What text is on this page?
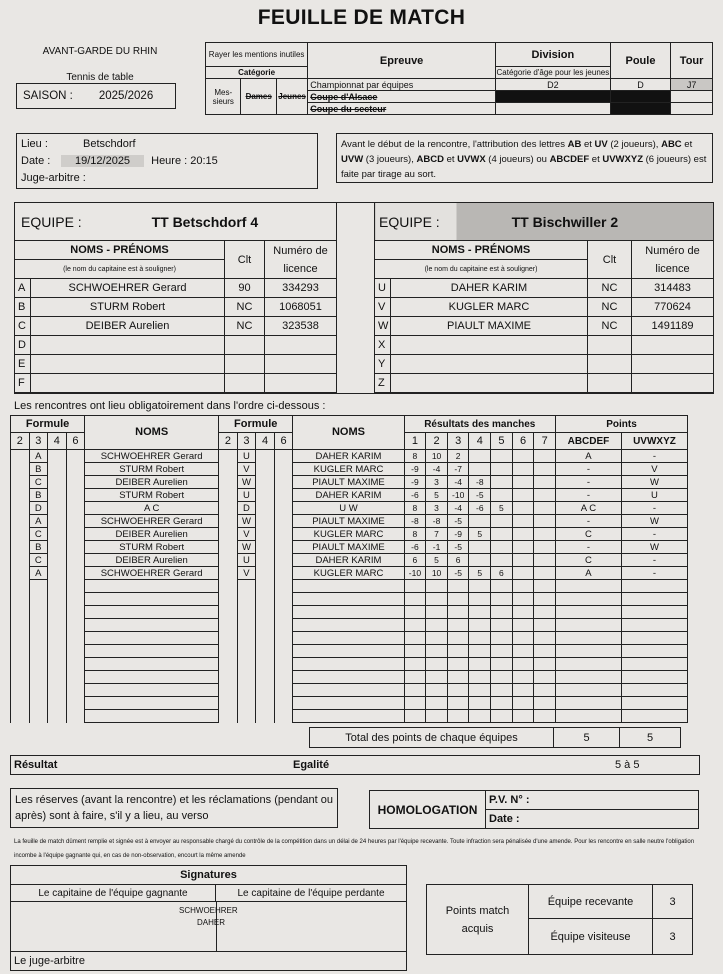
FEUILLE DE MATCH
AVANT-GARDE DU RHIN
Tennis de table
SAISON : 2025/2026
Rayer les mentions inutiles			Epreuve	Division	Poule	Tour
Catégorie				Catégorie d'âge pour les jeunes		
Mes-sieurs	Dames	Jeunes	Championnat par équipes	D2	D	J7
			Coupe d'Alsace			
			Coupe du secteur			
Lieu :	Betschdorf
Date : 19/12/2025 Heure : 20:15
Juge-arbitre :
Avant le début de la rencontre, l'attribution des lettres AB et UV (2 joueurs), ABC et UVW (3 joueurs), ABCD et UVWX (4 joueurs) ou ABCDEF et UVWXYZ (6 joueurs) est faite par tirage au sort.
EQUIPE : TT Betschdorf 4			
NOMS - PRÉNOMS		Clt	Numéro de licence
(le nom du capitaine est à souligner)			
A	SCHWOEHRER Gerard	90	334293
B	STURM Robert	NC	1068051
C	DEIBER Aurelien	NC	323538
D			
E			
F			
EQUIPE : TT Bischwiller 2			
NOMS - PRÉNOMS		Clt	Numéro de licence
(le nom du capitaine est à souligner)			
U	DAHER KARIM	NC	314483
V	KUGLER MARC	NC	770624
W	PIAULT MAXIME	NC	1491189
X			
Y			
Z			
Les rencontres ont lieu obligatoirement dans l'ordre ci-dessous :
Formule				NOMS	Formule				NOMS	Résultats des manches							Points	
2	3	4	6		2	3	4	6		1	2	3	4	5	6	7	ABCDEF	UVWXYZ
	A			SCHWOEHRER Gerard		U			DAHER KARIM	8	10	2					A	-
	B			STURM Robert		V			KUGLER MARC	-9	-4	-7					-	V
	C			DEIBER Aurelien		W			PIAULT MAXIME	-9	3	-4	-8				-	W
	B			STURM Robert		U			DAHER KARIM	-6	5	-10	-5				-	U
	D			A C		D			U W	8	3	-4	-6	5			A C	-
	A			SCHWOEHRER Gerard		W			PIAULT MAXIME	-8	-8	-5					-	W
	C			DEIBER Aurelien		V			KUGLER MARC	8	7	-9	5				C	-
	B			STURM Robert		W			PIAULT MAXIME	-6	-1	-5					-	W
	C			DEIBER Aurelien		U			DAHER KARIM	6	5	6					C	-
	A			SCHWOEHRER Gerard		V			KUGLER MARC	-10	10	-5	5	6			A	-

Total des points de chaque équipes	5	5
Résultat	Egalité	5 à 5
Les réserves (avant la rencontre) et les réclamations (pendant ou après) sont à faire, s'il y a lieu, au verso	HOMOLOGATION	P.V. N° :
Date :
La feuille de match dûment remplie et signée est à envoyer au responsable chargé du contrôle de la compétition dans un délai de 24 heures par l'équipe recevante. Toute infraction sera pénalisée d'une amende. Pour les rencontre en salle neutre l'obligation incombe à l'équipe gagnante qui, en cas de non-observation, encourt la même amende
Signatures
Le capitaine de l'équipe gagnante	Le capitaine de l'équipe perdante

SCHWOEHRER
DAHER

Le juge-arbitre
Points match acquis	Équipe recevante	3
	Équipe visiteuse	3
